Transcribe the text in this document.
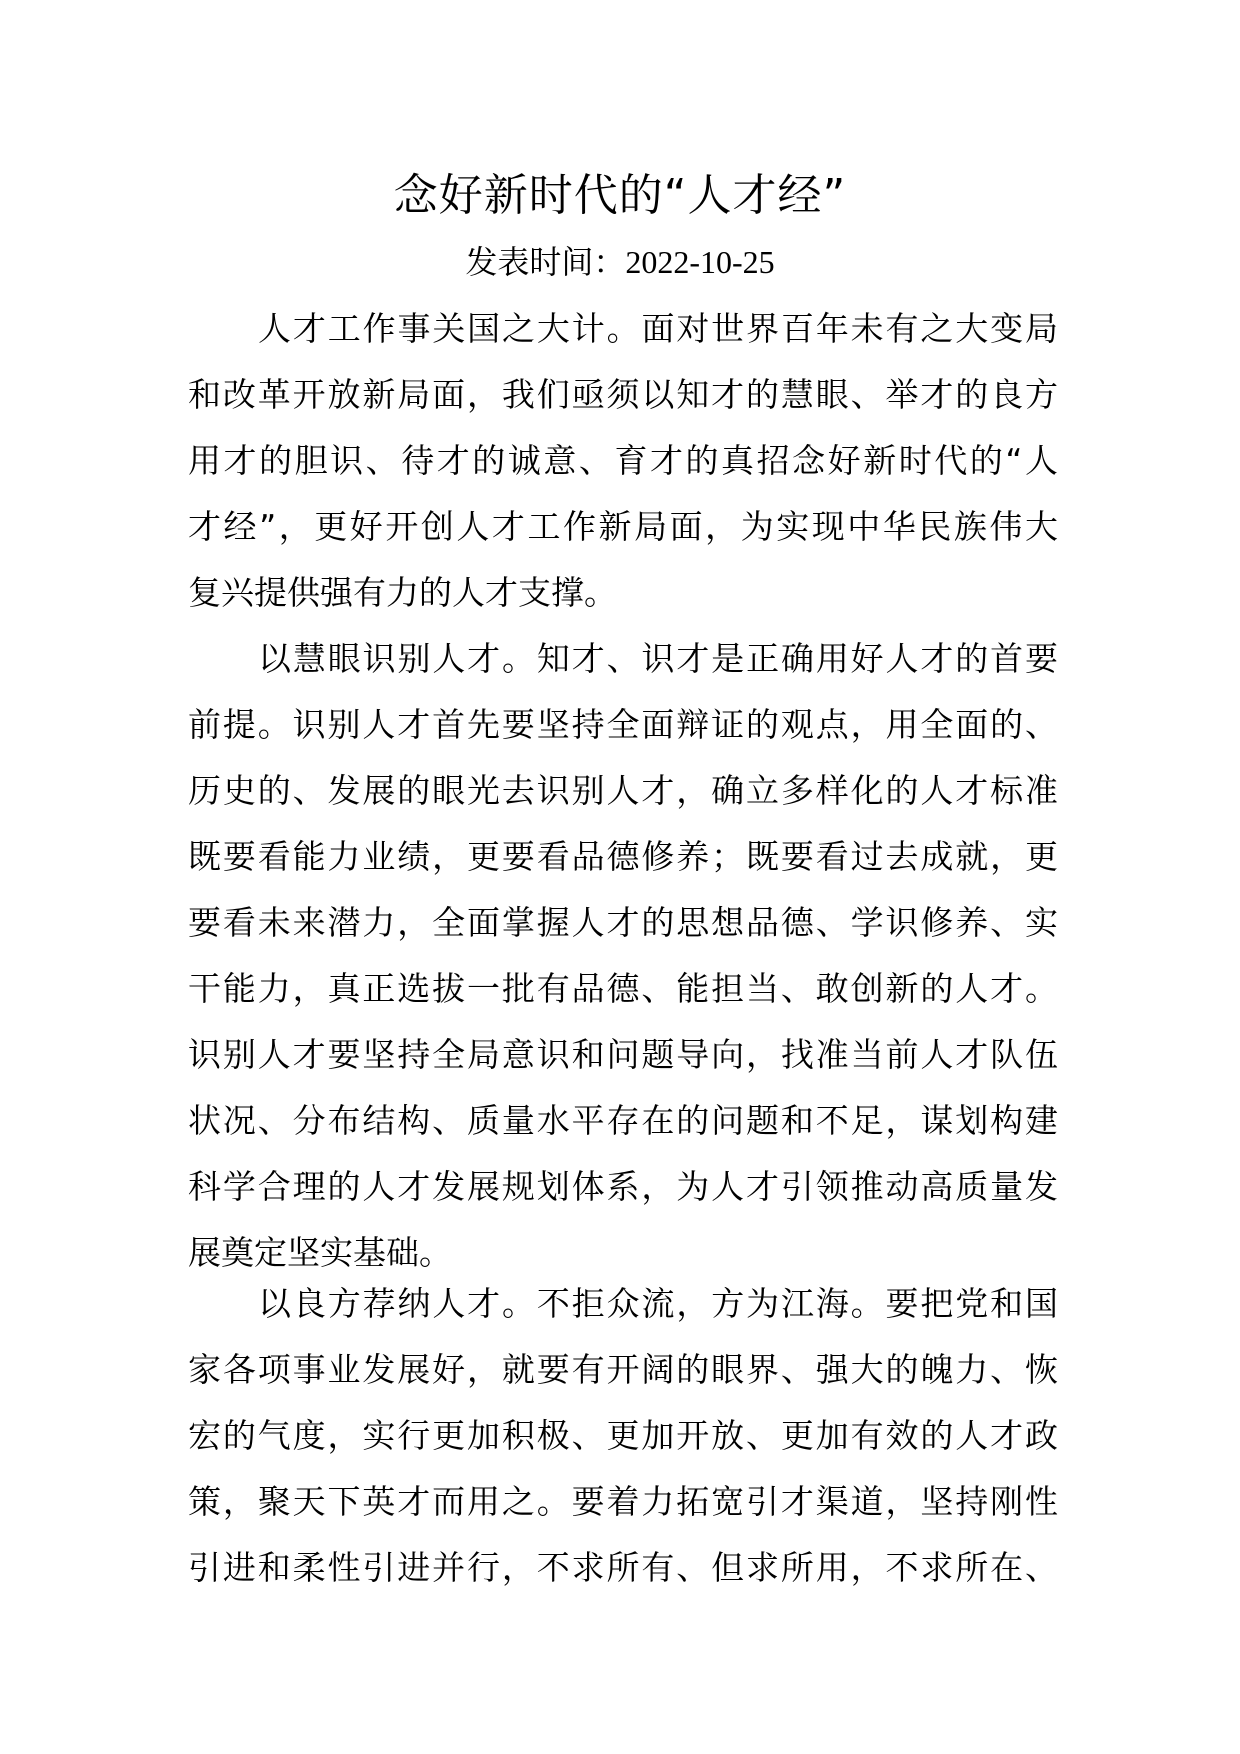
念好新时代的“人才经”
发表时间：2022-10-25
人才工作事关国之大计。面对世界百年未有之大变局
和改革开放新局面，我们亟须以知才的慧眼、举才的良方
用才的胆识、待才的诚意、育才的真招念好新时代的“人
才经”，更好开创人才工作新局面，为实现中华民族伟大
复兴提供强有力的人才支撑。
以慧眼识别人才。知才、识才是正确用好人才的首要
前提。识别人才首先要坚持全面辩证的观点，用全面的、
历史的、发展的眼光去识别人才，确立多样化的人才标准
既要看能力业绩，更要看品德修养；既要看过去成就，更
要看未来潜力，全面掌握人才的思想品德、学识修养、实
干能力，真正选拔一批有品德、能担当、敢创新的人才。
识别人才要坚持全局意识和问题导向，找准当前人才队伍
状况、分布结构、质量水平存在的问题和不足，谋划构建
科学合理的人才发展规划体系，为人才引领推动高质量发
展奠定坚实基础。
以良方荐纳人才。不拒众流，方为江海。要把党和国
家各项事业发展好，就要有开阔的眼界、强大的魄力、恢
宏的气度，实行更加积极、更加开放、更加有效的人才政
策，聚天下英才而用之。要着力拓宽引才渠道，坚持刚性
引进和柔性引进并行，不求所有、但求所用，不求所在、
